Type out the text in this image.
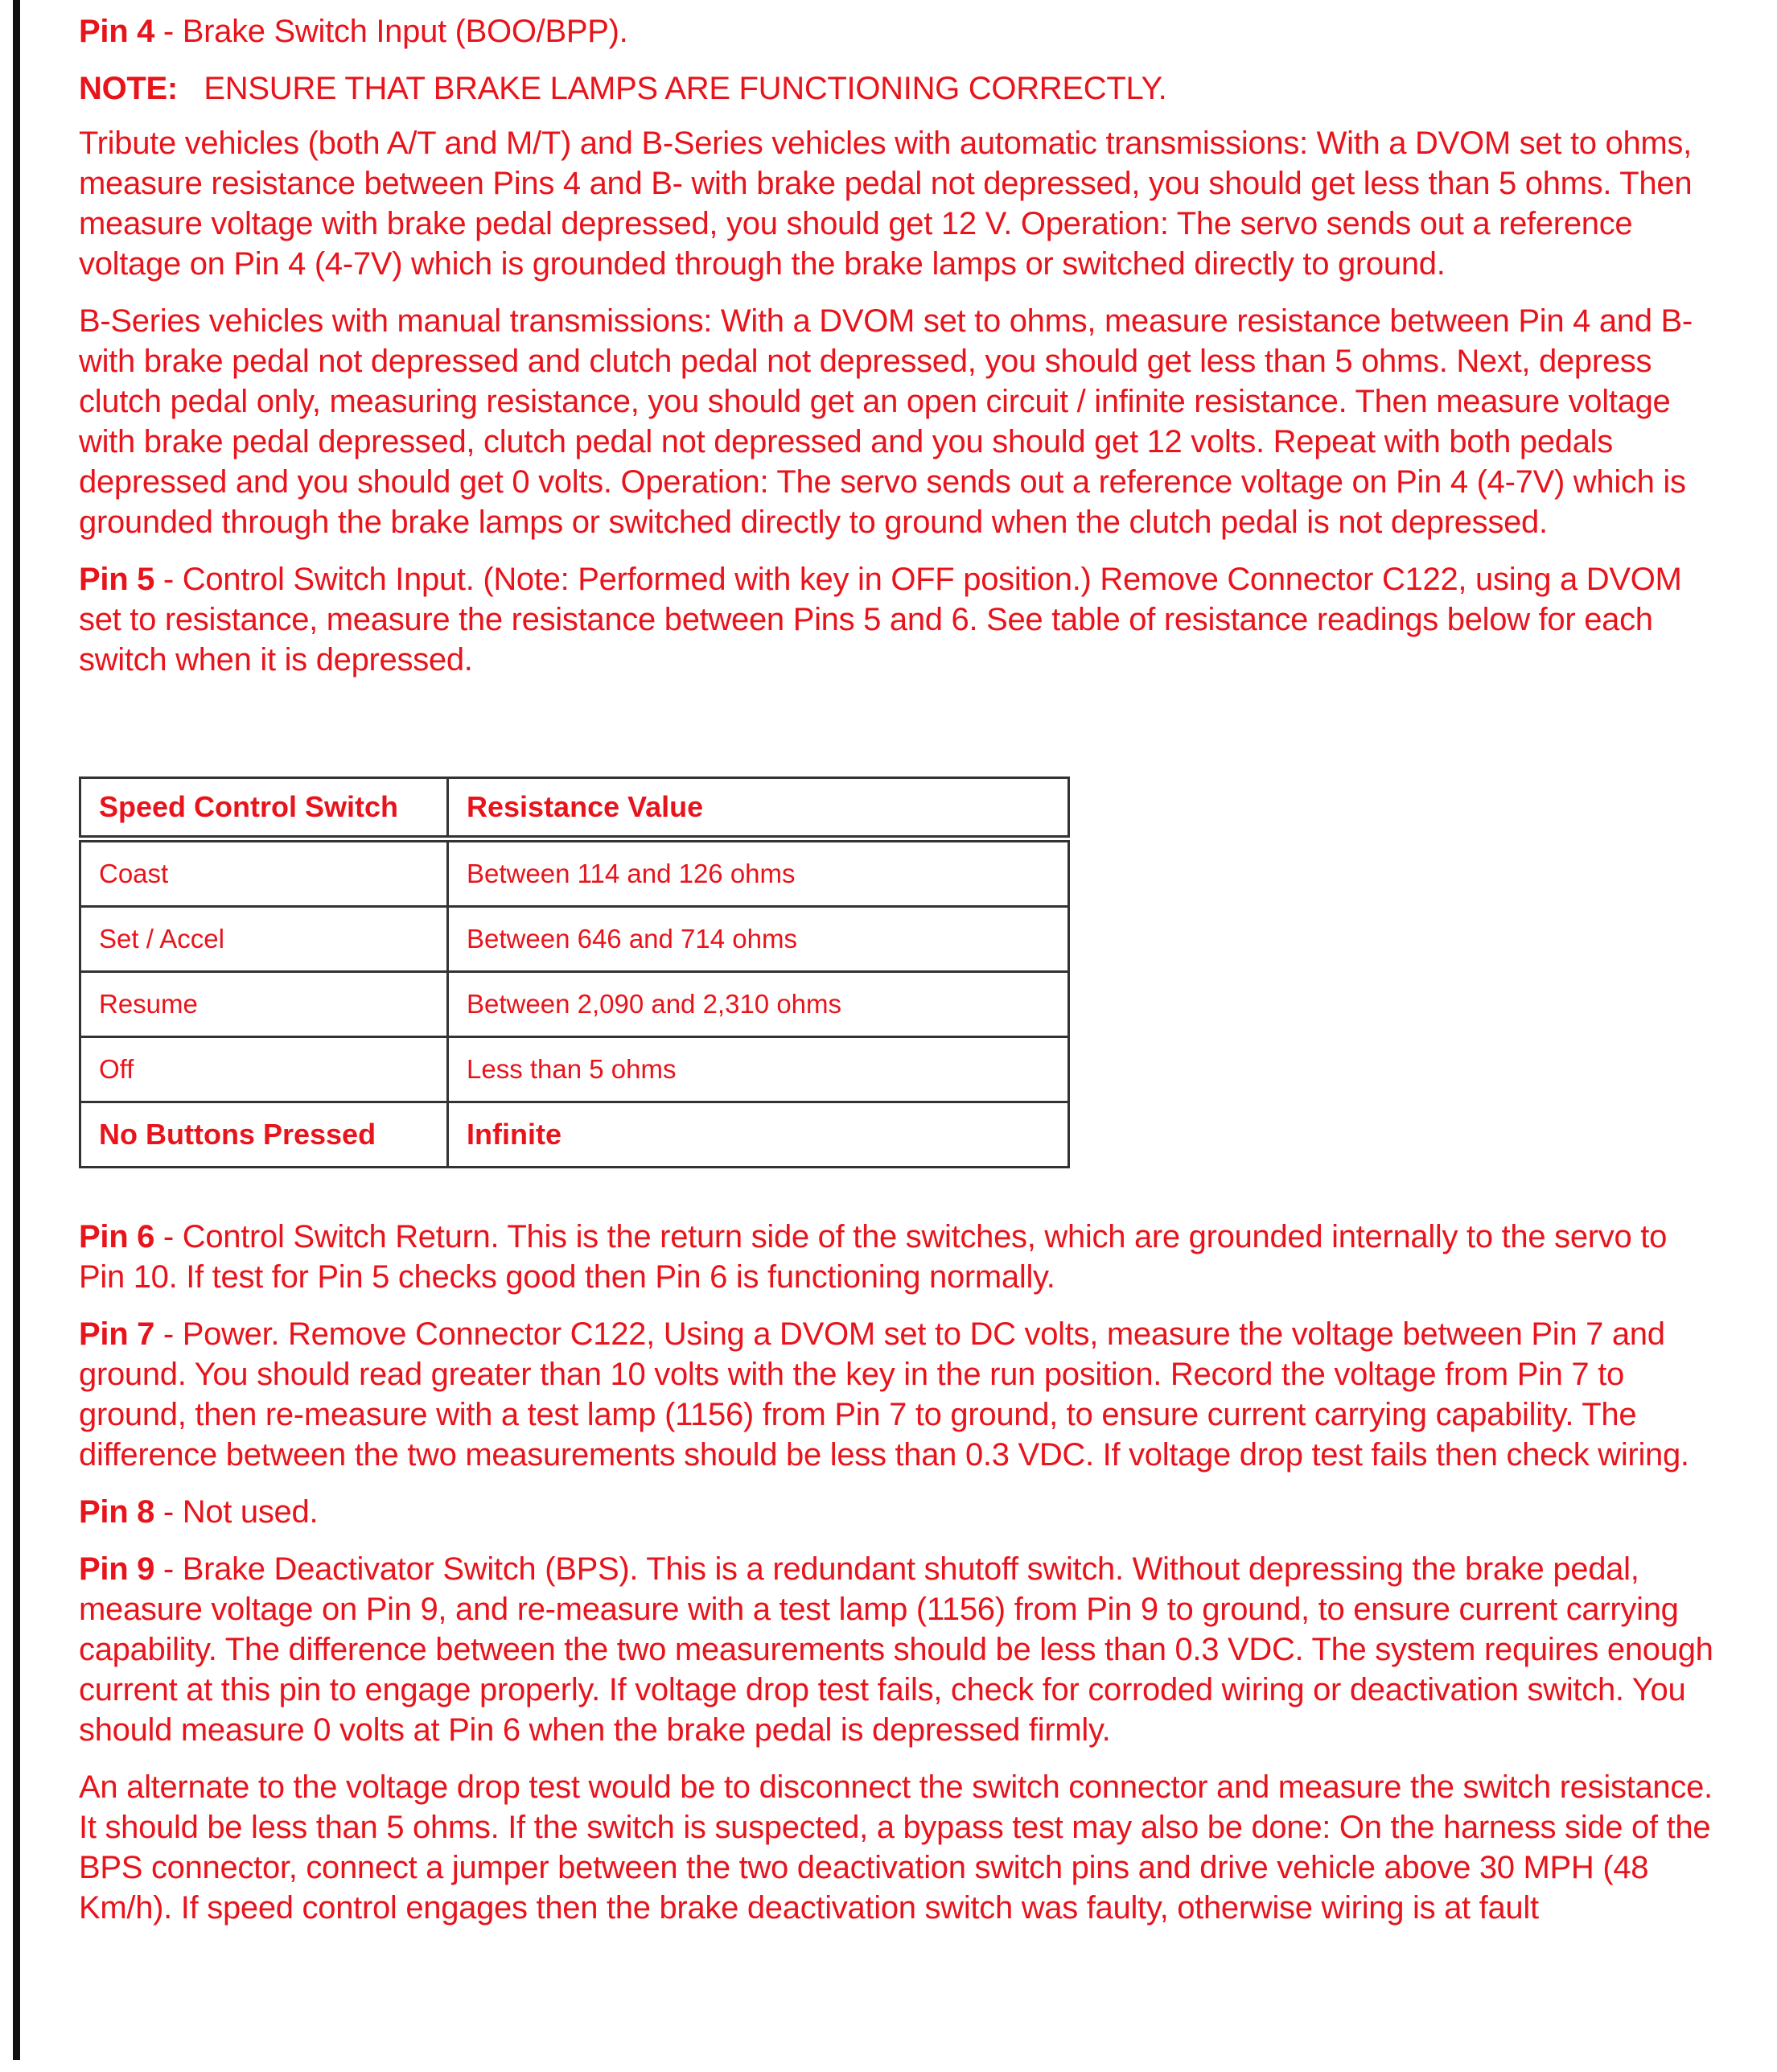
Pin 4 - Brake Switch Input (BOO/BPP).

NOTE: ENSURE THAT BRAKE LAMPS ARE FUNCTIONING CORRECTLY.

Tribute vehicles (both A/T and M/T) and B-Series vehicles with automatic transmissions: With a DVOM set to ohms, measure resistance between Pins 4 and B- with brake pedal not depressed, you should get less than 5 ohms. Then measure voltage with brake pedal depressed, you should get 12 V. Operation: The servo sends out a reference voltage on Pin 4 (4-7V) which is grounded through the brake lamps or switched directly to ground.

B-Series vehicles with manual transmissions: With a DVOM set to ohms, measure resistance between Pin 4 and B- with brake pedal not depressed and clutch pedal not depressed, you should get less than 5 ohms. Next, depress clutch pedal only, measuring resistance, you should get an open circuit / infinite resistance. Then measure voltage with brake pedal depressed, clutch pedal not depressed and you should get 12 volts. Repeat with both pedals depressed and you should get 0 volts. Operation: The servo sends out a reference voltage on Pin 4 (4-7V) which is grounded through the brake lamps or switched directly to ground when the clutch pedal is not depressed.

Pin 5 - Control Switch Input. (Note: Performed with key in OFF position.) Remove Connector C122, using a DVOM set to resistance, measure the resistance between Pins 5 and 6. See table of resistance readings below for each switch when it is depressed.

Speed Control Switch	Resistance Value
Coast	Between 114 and 126 ohms
Set / Accel	Between 646 and 714 ohms
Resume	Between 2,090 and 2,310 ohms
Off	Less than 5 ohms
No Buttons Pressed	Infinite

Pin 6 - Control Switch Return. This is the return side of the switches, which are grounded internally to the servo to Pin 10. If test for Pin 5 checks good then Pin 6 is functioning normally.

Pin 7 - Power. Remove Connector C122, Using a DVOM set to DC volts, measure the voltage between Pin 7 and ground. You should read greater than 10 volts with the key in the run position. Record the voltage from Pin 7 to ground, then re-measure with a test lamp (1156) from Pin 7 to ground, to ensure current carrying capability. The difference between the two measurements should be less than 0.3 VDC. If voltage drop test fails then check wiring.

Pin 8 - Not used.

Pin 9 - Brake Deactivator Switch (BPS). This is a redundant shutoff switch. Without depressing the brake pedal, measure voltage on Pin 9, and re-measure with a test lamp (1156) from Pin 9 to ground, to ensure current carrying capability. The difference between the two measurements should be less than 0.3 VDC. The system requires enough current at this pin to engage properly. If voltage drop test fails, check for corroded wiring or deactivation switch. You should measure 0 volts at Pin 6 when the brake pedal is depressed firmly.

An alternate to the voltage drop test would be to disconnect the switch connector and measure the switch resistance. It should be less than 5 ohms. If the switch is suspected, a bypass test may also be done: On the harness side of the BPS connector, connect a jumper between the two deactivation switch pins and drive vehicle above 30 MPH (48 Km/h). If speed control engages then the brake deactivation switch was faulty, otherwise wiring is at fault
